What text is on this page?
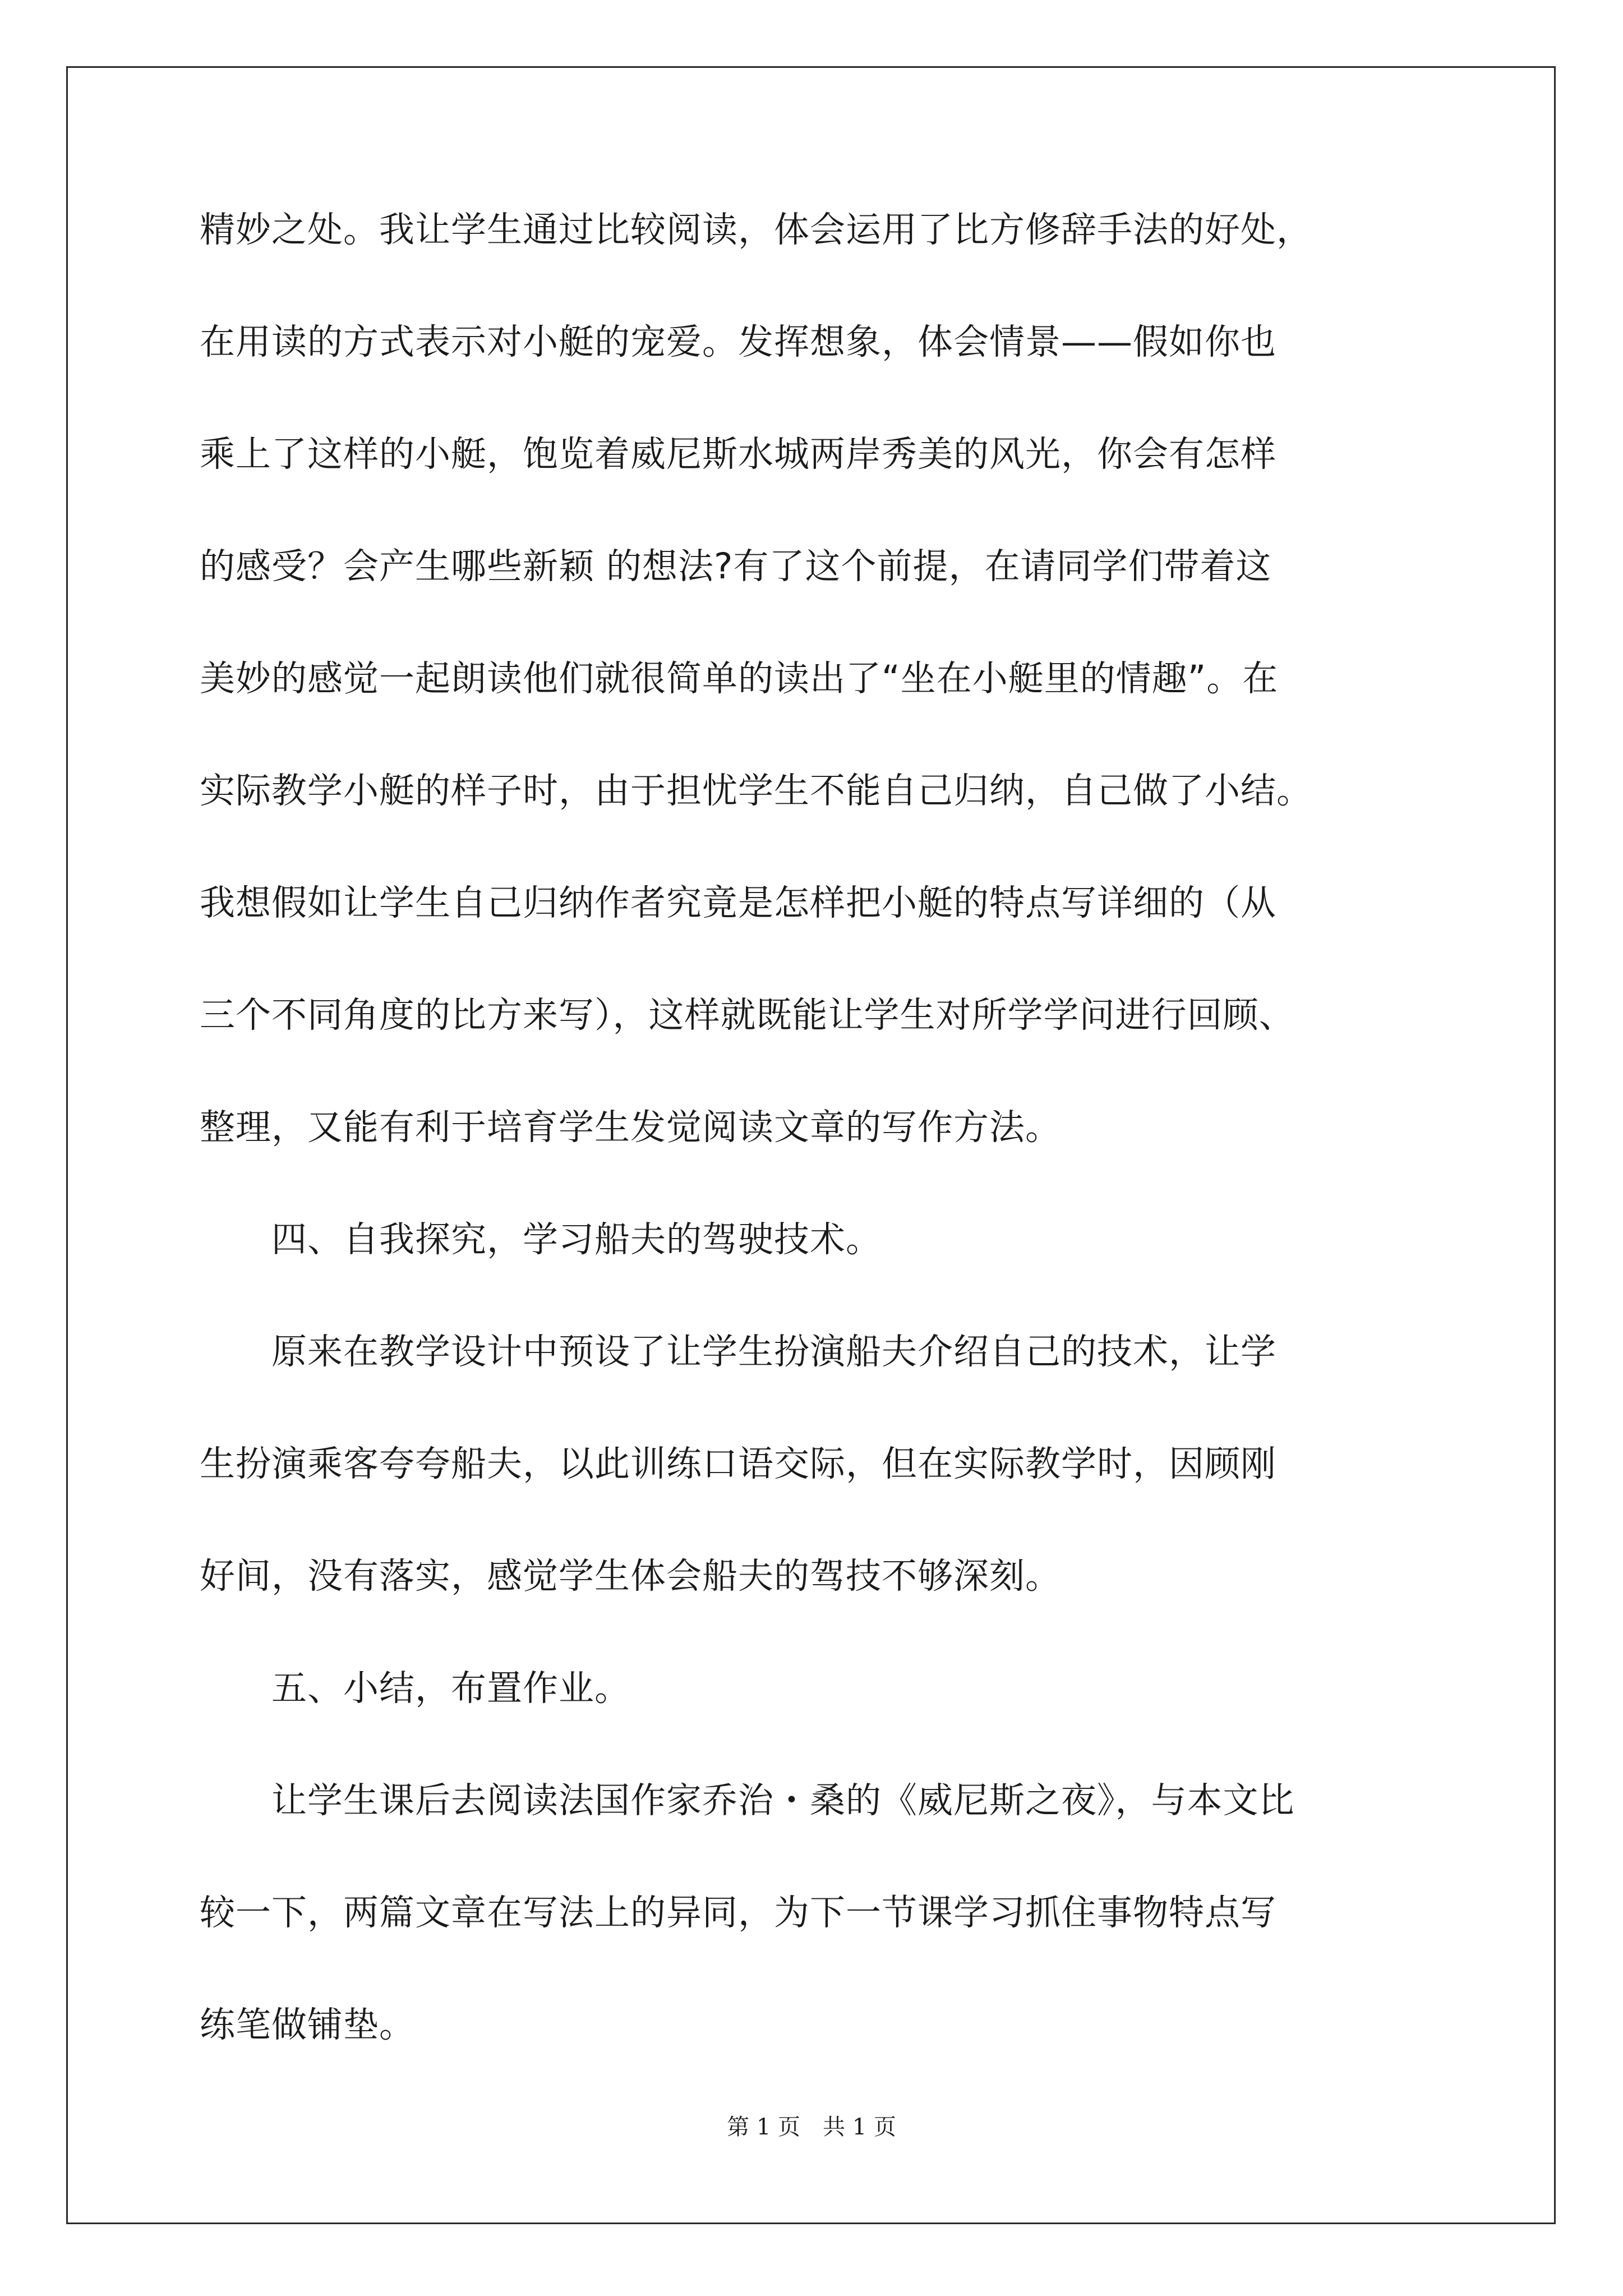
精妙之处。我让学生通过比较阅读，体会运用了比方修辞手法的好处，
在用读的方式表示对小艇的宠爱。发挥想象，体会情景——假如你也
乘上了这样的小艇，饱览着威尼斯水城两岸秀美的风光，你会有怎样
的感受？会产生哪些新颖 的想法?有了这个前提，在请同学们带着这
美妙的感觉一起朗读他们就很简单的读出了“坐在小艇里的情趣”。在
实际教学小艇的样子时，由于担忧学生不能自己归纳，自己做了小结。
我想假如让学生自己归纳作者究竟是怎样把小艇的特点写详细的（从
三个不同角度的比方来写），这样就既能让学生对所学学问进行回顾、
整理，又能有利于培育学生发觉阅读文章的写作方法。
　　四、自我探究，学习船夫的驾驶技术。
　　原来在教学设计中预设了让学生扮演船夫介绍自己的技术，让学
生扮演乘客夸夸船夫，以此训练口语交际，但在实际教学时，因顾刚
好间，没有落实，感觉学生体会船夫的驾技不够深刻。
　　五、小结，布置作业。
　　让学生课后去阅读法国作家乔治・桑的《威尼斯之夜》，与本文比
较一下，两篇文章在写法上的异同，为下一节课学习抓住事物特点写
练笔做铺垫。
第 1 页　共 1 页
